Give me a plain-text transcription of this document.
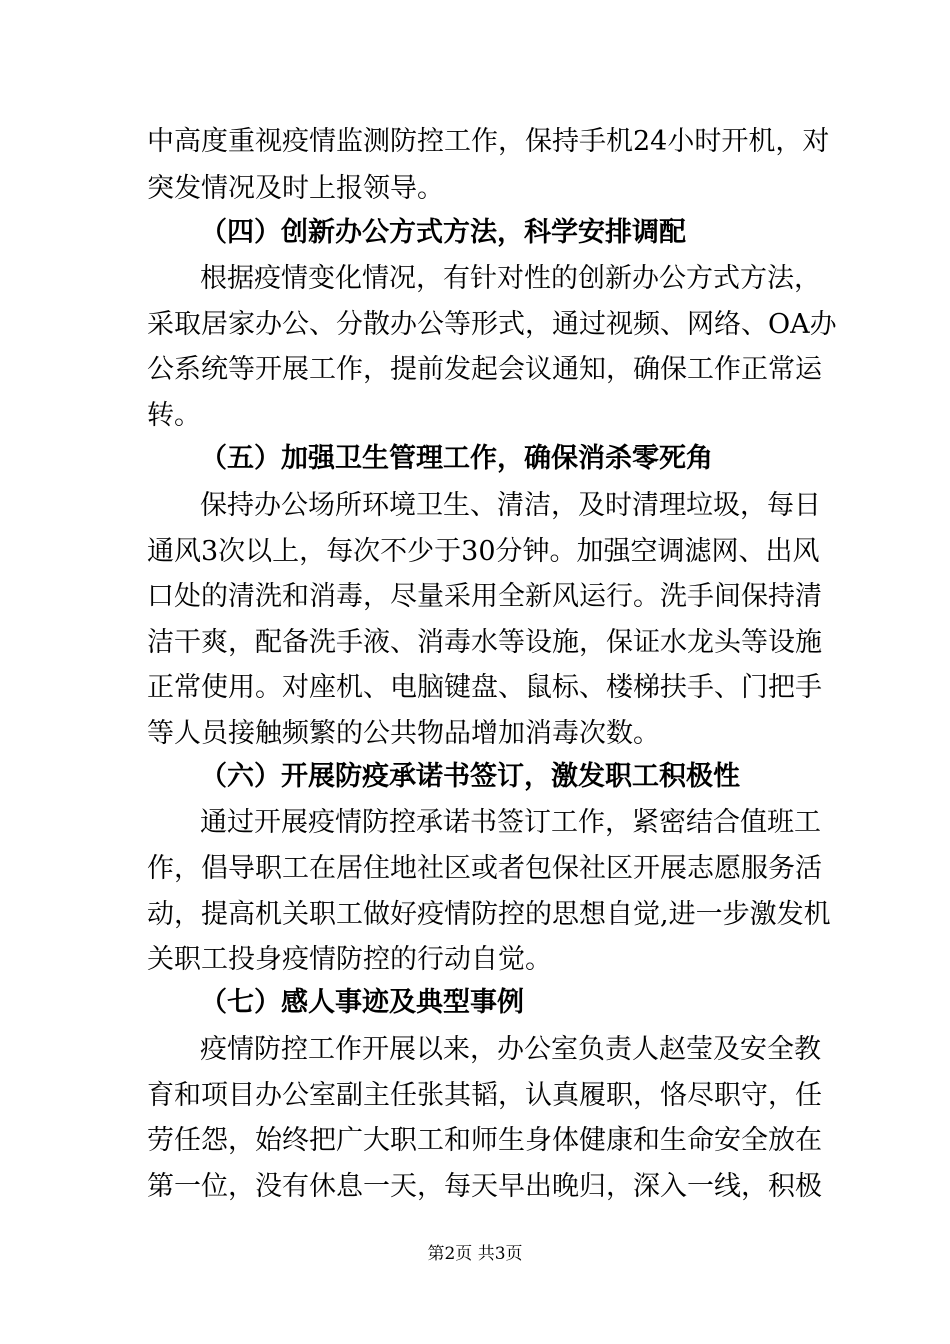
中高度重视疫情监测防控工作，保持手机24小时开机，对
突发情况及时上报领导。
（四）创新办公方式方法，科学安排调配
根据疫情变化情况，有针对性的创新办公方式方法，
采取居家办公、分散办公等形式，通过视频、网络、OA办
公系统等开展工作，提前发起会议通知，确保工作正常运
转。
（五）加强卫生管理工作，确保消杀零死角
保持办公场所环境卫生、清洁，及时清理垃圾，每日
通风3次以上，每次不少于30分钟。加强空调滤网、出风
口处的清洗和消毒，尽量采用全新风运行。洗手间保持清
洁干爽，配备洗手液、消毒水等设施，保证水龙头等设施
正常使用。对座机、电脑键盘、鼠标、楼梯扶手、门把手
等人员接触频繁的公共物品增加消毒次数。
（六）开展防疫承诺书签订，激发职工积极性
通过开展疫情防控承诺书签订工作，紧密结合值班工
作，倡导职工在居住地社区或者包保社区开展志愿服务活
动，提高机关职工做好疫情防控的思想自觉,进一步激发机
关职工投身疫情防控的行动自觉。
（七）感人事迹及典型事例
疫情防控工作开展以来，办公室负责人赵莹及安全教
育和项目办公室副主任张其韬，认真履职，恪尽职守，任
劳任怨，始终把广大职工和师生身体健康和生命安全放在
第一位，没有休息一天，每天早出晚归，深入一线，积极
第2页 共3页
